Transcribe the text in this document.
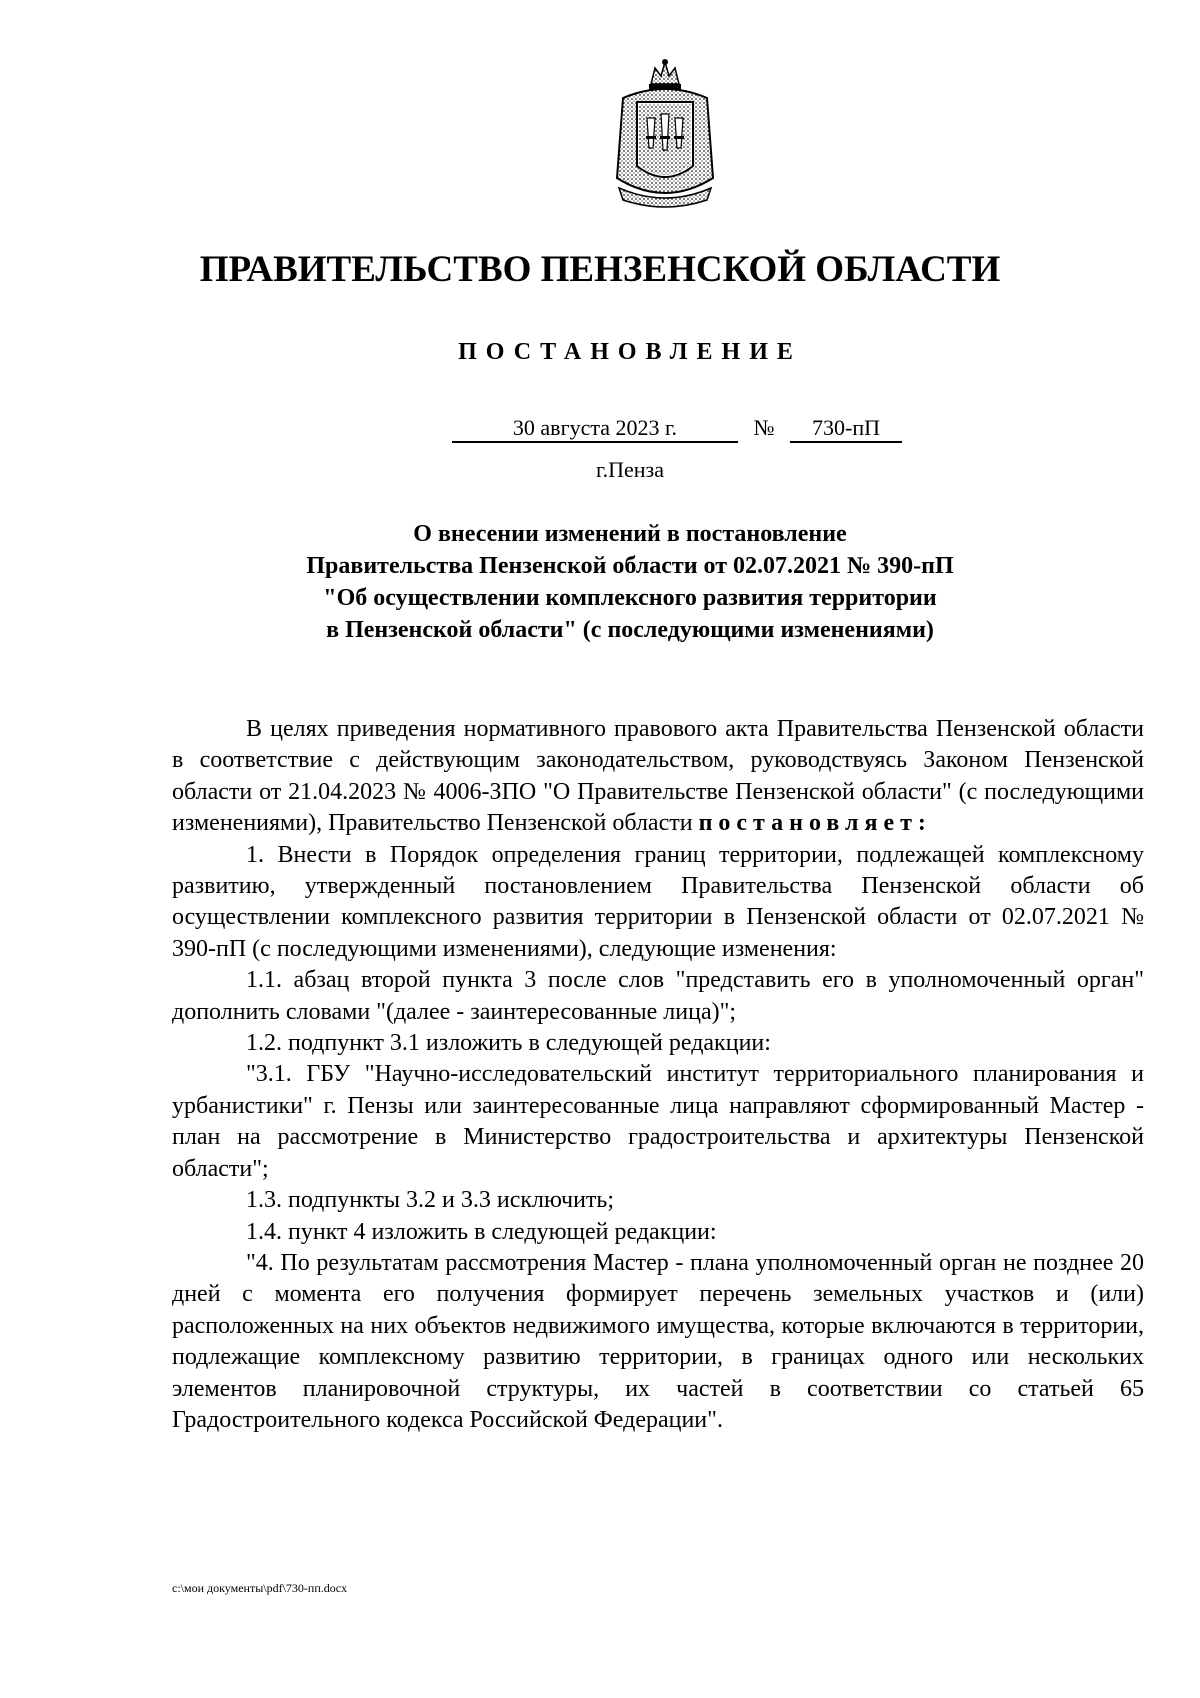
ПРАВИТЕЛЬСТВО ПЕНЗЕНСКОЙ ОБЛАСТИ
ПОСТАНОВЛЕНИЕ
30 августа 2023 г.	№ 730-пП
г.Пенза
О внесении изменений в постановление
Правительства Пензенской области от 02.07.2021 № 390-пП
"Об осуществлении комплексного развития территории
в Пензенской области" (с последующими изменениями)

В целях приведения нормативного правового акта Правительства Пензенской области в соответствие с действующим законодательством, руководствуясь Законом Пензенской области от 21.04.2023 № 4006-ЗПО "О Правительстве Пензенской области" (с последующими изменениями), Правительство Пензенской области постановляет:

1. Внести в Порядок определения границ территории, подлежащей комплексному развитию, утвержденный постановлением Правительства Пензенской области об осуществлении комплексного развития территории в Пензенской области от 02.07.2021 № 390-пП (с последующими изменениями), следующие изменения:

1.1. абзац второй пункта 3 после слов "представить его в уполномоченный орган" дополнить словами "(далее - заинтересованные лица)";

1.2. подпункт 3.1 изложить в следующей редакции:

"3.1. ГБУ "Научно-исследовательский институт территориального планирования и урбанистики" г. Пензы или заинтересованные лица направляют сформированный Мастер - план на рассмотрение в Министерство градостроительства и архитектуры Пензенской области";

1.3. подпункты 3.2 и 3.3 исключить;

1.4. пункт 4 изложить в следующей редакции:

"4. По результатам рассмотрения Мастер - плана уполномоченный орган не позднее 20 дней с момента его получения формирует перечень земельных участков и (или) расположенных на них объектов недвижимого имущества, которые включаются в территории, подлежащие комплексному развитию территории, в границах одного или нескольких элементов планировочной структуры, их частей в соответствии со статьей 65 Градостроительного кодекса Российской Федерации".

c:\мои документы\pdf\730-пп.docx
